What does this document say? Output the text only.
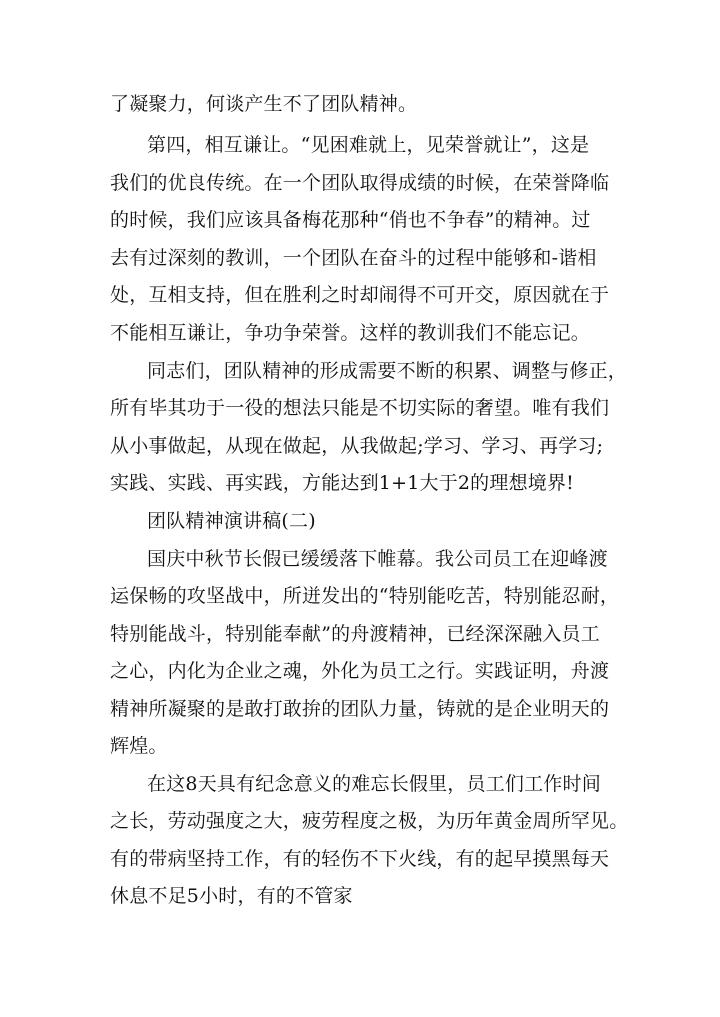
了凝聚力，何谈产生不了团队精神。
第四，相互谦让。“见困难就上，见荣誉就让”，这是
我们的优良传统。在一个团队取得成绩的时候，在荣誉降临
的时候，我们应该具备梅花那种“俏也不争春”的精神。过
去有过深刻的教训，一个团队在奋斗的过程中能够和-谐相
处，互相支持，但在胜利之时却闹得不可开交，原因就在于
不能相互谦让，争功争荣誉。这样的教训我们不能忘记。
同志们，团队精神的形成需要不断的积累、调整与修正，
所有毕其功于一役的想法只能是不切实际的奢望。唯有我们
从小事做起，从现在做起，从我做起;学习、学习、再学习;
实践、实践、再实践，方能达到1+1大于2的理想境界!
团队精神演讲稿(二)
国庆中秋节长假已缓缓落下帷幕。我公司员工在迎峰渡
运保畅的攻坚战中，所迸发出的“特别能吃苦，特别能忍耐，
特别能战斗，特别能奉献”的舟渡精神，已经深深融入员工
之心，内化为企业之魂，外化为员工之行。实践证明，舟渡
精神所凝聚的是敢打敢拚的团队力量，铸就的是企业明天的
辉煌。
在这8天具有纪念意义的难忘长假里，员工们工作时间
之长，劳动强度之大，疲劳程度之极，为历年黄金周所罕见。
有的带病坚持工作，有的轻伤不下火线，有的起早摸黑每天
休息不足5小时，有的不管家
